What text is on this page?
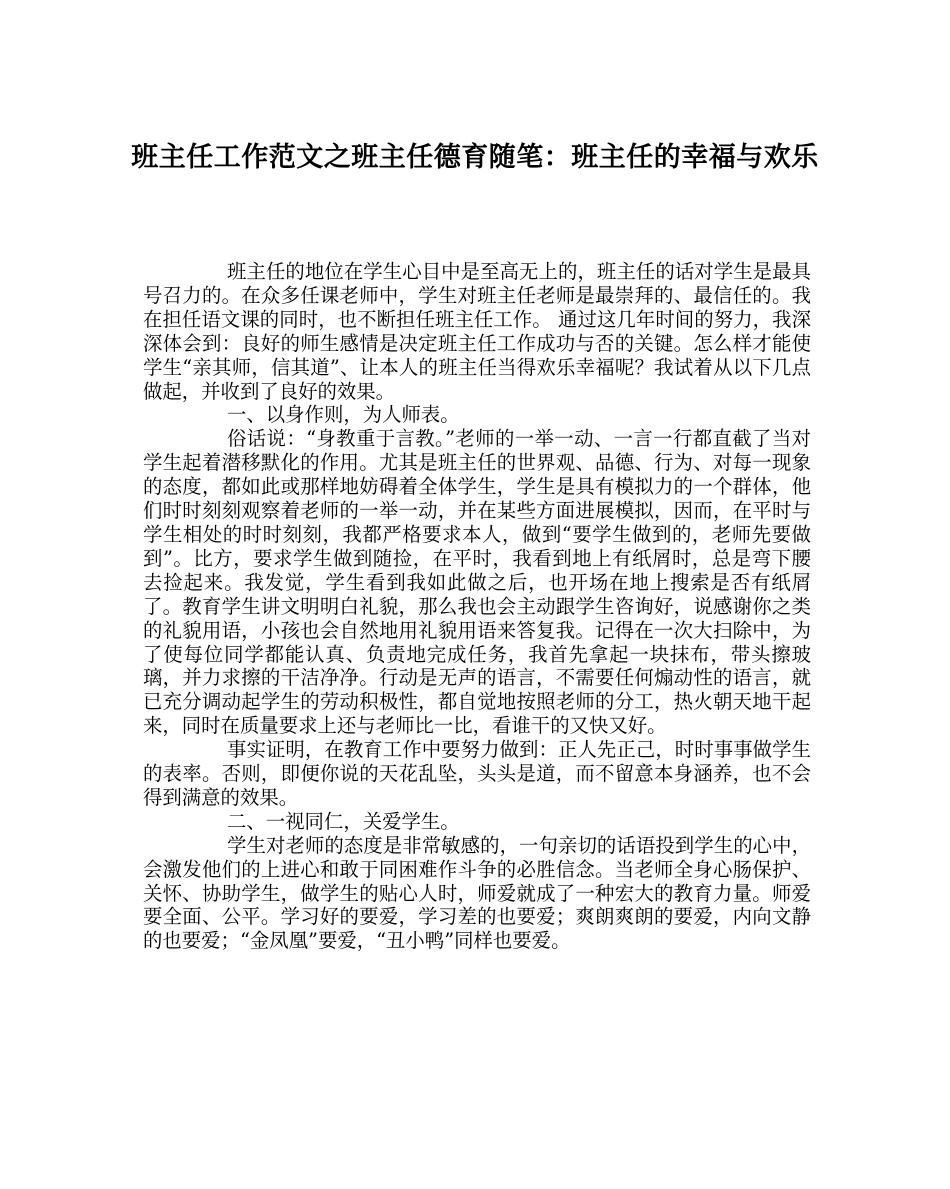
班主任工作范文之班主任德育随笔：班主任的幸福与欢乐

班主任的地位在学生心目中是至高无上的，班主任的话对学生是最具号召力的。在众多任课老师中，学生对班主任老师是最崇拜的、最信任的。我在担任语文课的同时，也不断担任班主任工作。 通过这几年时间的努力，我深深体会到：良好的师生感情是决定班主任工作成功与否的关键。怎么样才能使学生“亲其师，信其道”、让本人的班主任当得欢乐幸福呢？我试着从以下几点做起，并收到了良好的效果。

一、以身作则，为人师表。

俗话说：“身教重于言教。”老师的一举一动、一言一行都直截了当对学生起着潜移默化的作用。尤其是班主任的世界观、品德、行为、对每一现象的态度，都如此或那样地妨碍着全体学生，学生是具有模拟力的一个群体，他们时时刻刻观察着老师的一举一动，并在某些方面进展模拟，因而，在平时与学生相处的时时刻刻，我都严格要求本人，做到“要学生做到的，老师先要做到”。比方，要求学生做到随捡，在平时，我看到地上有纸屑时，总是弯下腰去捡起来。我发觉，学生看到我如此做之后，也开场在地上搜索是否有纸屑了。教育学生讲文明明白礼貌，那么我也会主动跟学生咨询好，说感谢你之类的礼貌用语，小孩也会自然地用礼貌用语来答复我。记得在一次大扫除中，为了使每位同学都能认真、负责地完成任务，我首先拿起一块抹布，带头擦玻璃，并力求擦的干洁净净。行动是无声的语言，不需要任何煽动性的语言，就已充分调动起学生的劳动积极性，都自觉地按照老师的分工，热火朝天地干起来，同时在质量要求上还与老师比一比，看谁干的又快又好。

事实证明，在教育工作中要努力做到：正人先正己，时时事事做学生的表率。否则，即便你说的天花乱坠，头头是道，而不留意本身涵养，也不会得到满意的效果。

二、一视同仁，关爱学生。

学生对老师的态度是非常敏感的，一句亲切的话语投到学生的心中，会激发他们的上进心和敢于同困难作斗争的必胜信念。当老师全身心肠保护、关怀、协助学生，做学生的贴心人时，师爱就成了一种宏大的教育力量。师爱要全面、公平。学习好的要爱，学习差的也要爱；爽朗爽朗的要爱，内向文静的也要爱；“金凤凰”要爱，“丑小鸭”同样也要爱。
